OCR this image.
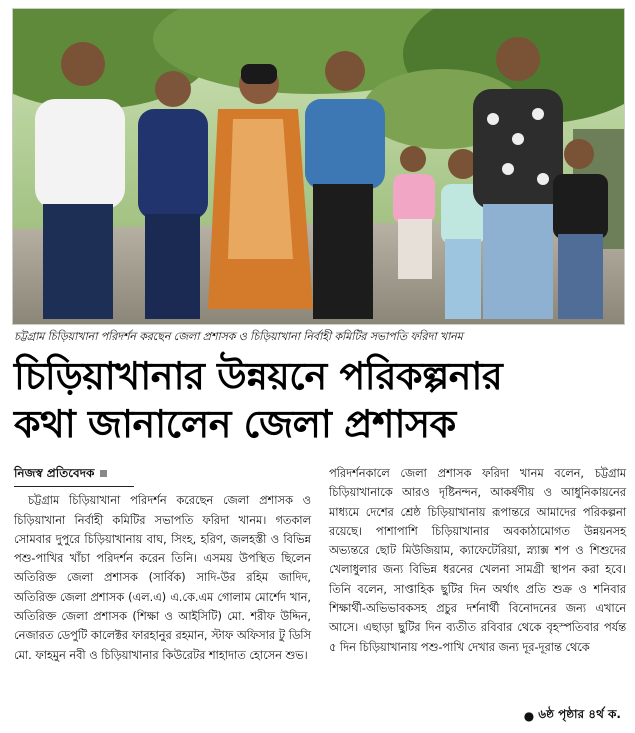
চট্টগ্রাম চিড়িয়াখানা পরিদর্শন করছেন জেলা প্রশাসক ও চিড়িয়াখানা নির্বাহী কমিটির সভাপতি ফরিদা খানম
চিড়িয়াখানার উন্নয়নে পরিকল্পনার
কথা জানালেন জেলা প্রশাসক
নিজস্ব প্রতিবেদক

চট্টগ্রাম চিড়িয়াখানা পরিদর্শন করেছেন জেলা প্রশাসক ও চিড়িয়াখানা নির্বাহী কমিটির সভাপতি ফরিদা খানম। গতকাল সোমবার দুপুরে চিড়িয়াখানায় বাঘ, সিংহ, হরিণ, জলহস্তী ও বিভিন্ন পশু-পাখির খাঁচা পরিদর্শন করেন তিনি। এসময় উপস্থিত ছিলেন অতিরিক্ত জেলা প্রশাসক (সার্বিক) সাদি-উর রহিম জাদিদ, অতিরিক্ত জেলা প্রশাসক (এল.এ) এ.কে.এম গোলাম মোর্শেদ খান, অতিরিক্ত জেলা প্রশাসক (শিক্ষা ও আইসিটি) মো. শরীফ উদ্দিন, নেজারত ডেপুটি কালেক্টর ফারহানুর রহমান, স্টাফ অফিসার টু ডিসি মো. ফাহমুন নবী ও চিড়িয়াখানার কিউরেটর শাহাদাত হোসেন শুভ।

পরিদর্শনকালে জেলা প্রশাসক ফরিদা খানম বলেন, চট্টগ্রাম চিড়িয়াখানাকে আরও দৃষ্টিনন্দন, আকর্ষণীয় ও আধুনিকায়নের মাধ্যমে দেশের শ্রেষ্ঠ চিড়িয়াখানায় রূপান্তরে আমাদের পরিকল্পনা রয়েছে। পাশাপাশি চিড়িয়াখানার অবকাঠামোগত উন্নয়নসহ অভ্যন্তরে ছোট মিউজিয়াম, ক্যাফেটেরিয়া, স্ন্যাক্স শপ ও শিশুদের খেলাধুলার জন্য বিভিন্ন ধরনের খেলনা সামগ্রী স্থাপন করা হবে। তিনি বলেন, সাপ্তাহিক ছুটির দিন অর্থাৎ প্রতি শুক্র ও শনিবার শিক্ষার্থী-অভিভাবকসহ প্রচুর দর্শনার্থী বিনোদনের জন্য এখানে আসে। এছাড়া ছুটির দিন ব্যতীত রবিবার থেকে বৃহস্পতিবার পর্যন্ত ৫ দিন চিড়িয়াখানায় পশু-পাখি দেখার জন্য দূর-দূরান্ত থেকে

● ৬ষ্ঠ পৃষ্ঠার ৪র্থ ক.
